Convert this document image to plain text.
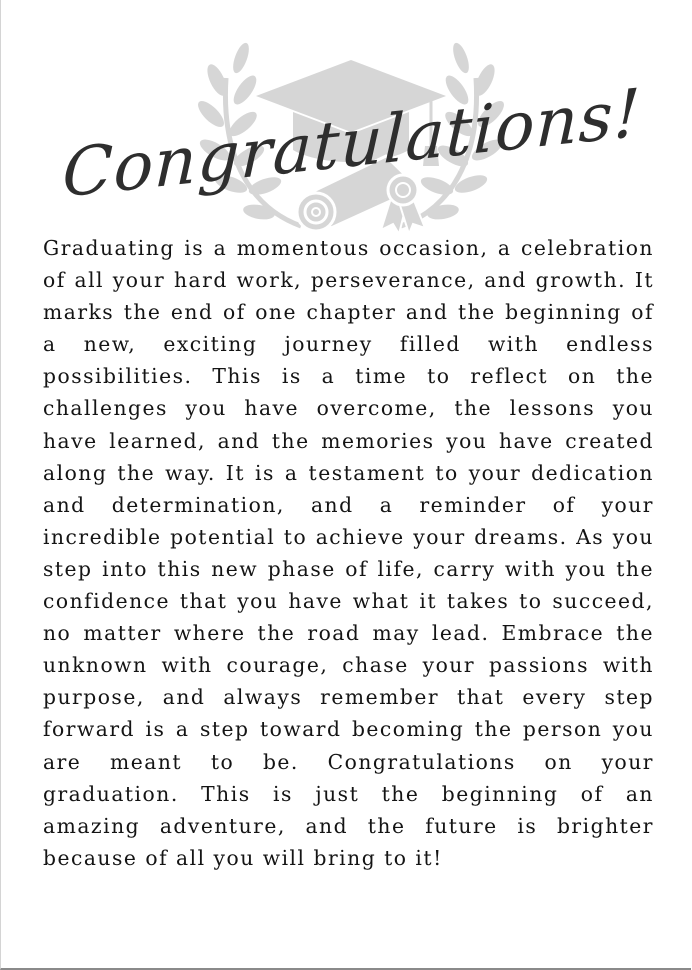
Congratulations!

Graduating is a momentous occasion, a celebration of all your hard work, perseverance, and growth. It marks the end of one chapter and the beginning of a new, exciting journey filled with endless possibilities. This is a time to reflect on the challenges you have overcome, the lessons you have learned, and the memories you have created along the way. It is a testament to your dedication and determination, and a reminder of your incredible potential to achieve your dreams. As you step into this new phase of life, carry with you the confidence that you have what it takes to succeed, no matter where the road may lead. Embrace the unknown with courage, chase your passions with purpose, and always remember that every step forward is a step toward becoming the person you are meant to be. Congratulations on your graduation. This is just the beginning of an amazing adventure, and the future is brighter because of all you will bring to it!
